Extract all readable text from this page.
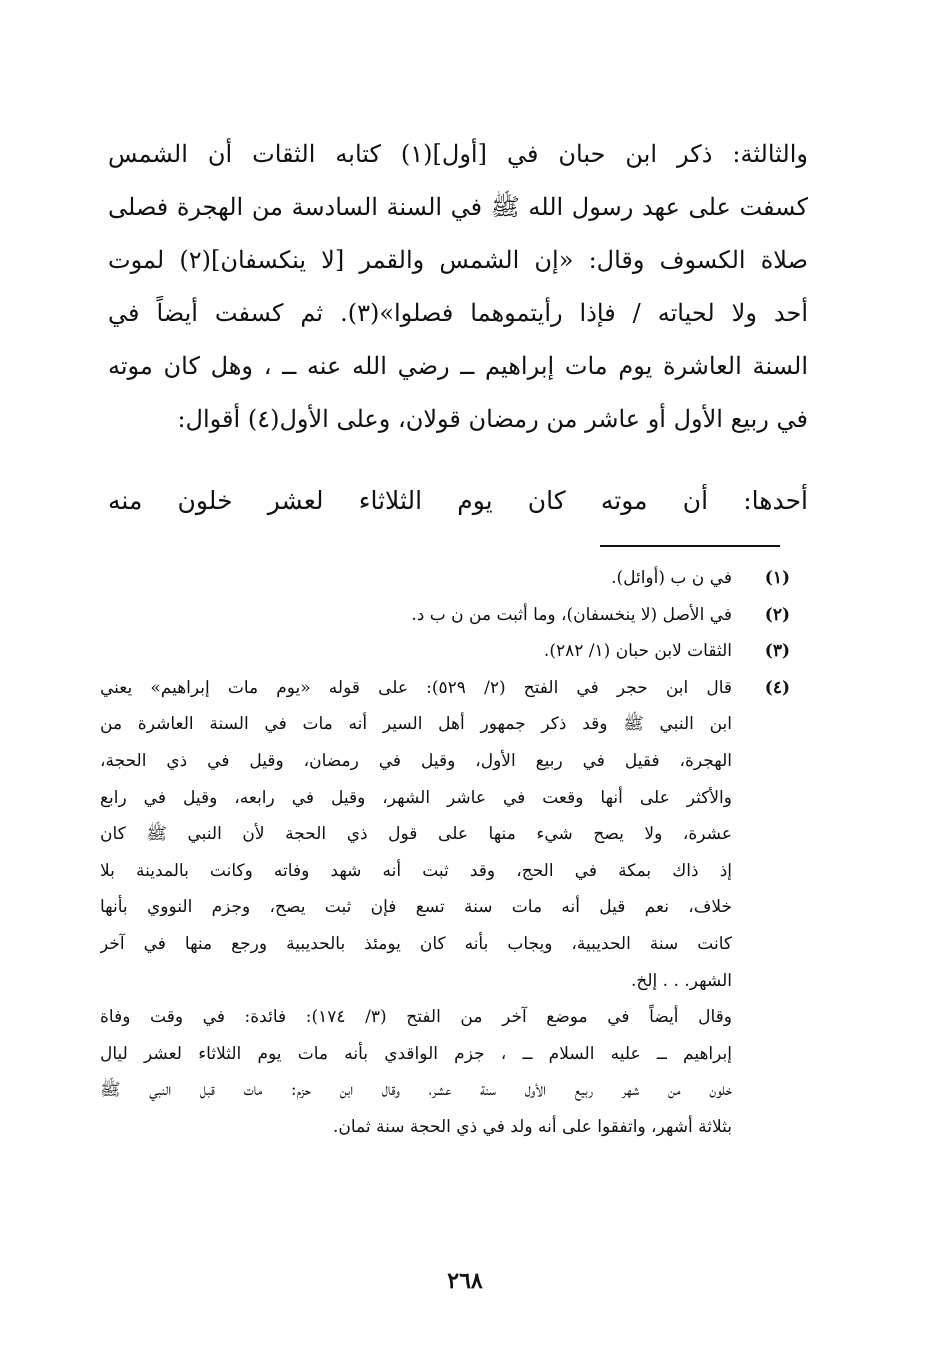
والثالثة: ذكر ابن حبان في [أول](١) كتابه الثقات أن الشمس
كسفت على عهد رسول الله ﷺ في السنة السادسة من الهجرة فصلى
صلاة الكسوف وقال: «إن الشمس والقمر [لا ينكسفان](٢) لموت
أحد ولا لحياته / فإذا رأيتموهما فصلوا»(٣). ثم كسفت أيضاً في
السنة العاشرة يوم مات إبراهيم ــ رضي الله عنه ــ ، وهل كان موته
في ربيع الأول أو عاشر من رمضان قولان، وعلى الأول(٤) أقوال:
أحدها: أن موته كان يوم الثلاثاء لعشر خلون منه
(١)
في ن ب (أوائل).
(٢)
في الأصل (لا ينخسفان)، وما أثبت من ن ب د.
(٣)
الثقات لابن حبان (١/ ٢٨٢).
(٤)
قال ابن حجر في الفتح (٢/ ٥٢٩): على قوله «يوم مات إبراهيم» يعني
ابن النبي ﷺ وقد ذكر جمهور أهل السير أنه مات في السنة العاشرة من
الهجرة، فقيل في ربيع الأول، وقيل في رمضان، وقيل في ذي الحجة،
والأكثر على أنها وقعت في عاشر الشهر، وقيل في رابعه، وقيل في رابع
عشرة، ولا يصح شيء منها على قول ذي الحجة لأن النبي ﷺ كان
إذ ذاك بمكة في الحج، وقد ثبت أنه شهد وفاته وكانت بالمدينة بلا
خلاف، نعم قيل أنه مات سنة تسع فإن ثبت يصح، وجزم النووي بأنها
كانت سنة الحديبية، ويجاب بأنه كان يومئذ بالحديبية ورجع منها في آخر
الشهر. . . إلخ.
وقال أيضاً في موضع آخر من الفتح (٣/ ١٧٤): فائدة: في وقت وفاة
إبراهيم ــ عليه السلام ــ ، جزم الواقدي بأنه مات يوم الثلاثاء لعشر ليال
خلون من شهر ربيع الأول سنة عشر، وقال ابن حزم: مات قبل النبي ﷺ
بثلاثة أشهر، واتفقوا على أنه ولد في ذي الحجة سنة ثمان.
٢٦٨
